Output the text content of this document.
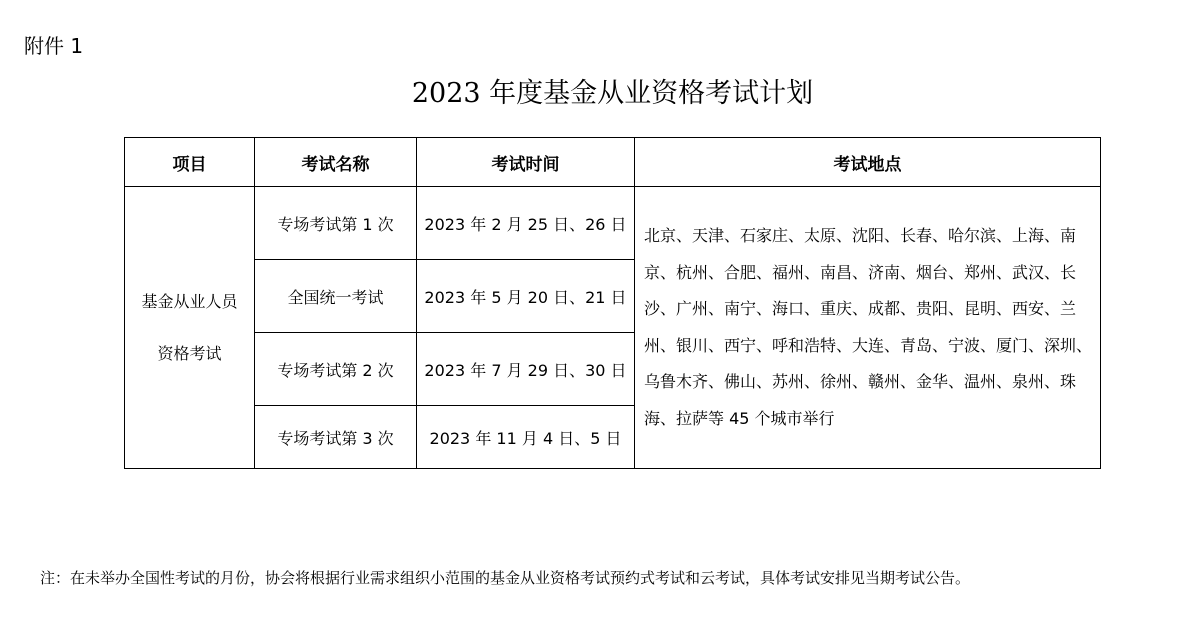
附件 1
2023 年度基金从业资格考试计划
项目	考试名称	考试时间	考试地点

基金从业人员
资格考试	专场考试第 1 次	2023 年 2 月 25 日、26 日	北京、天津、石家庄、太原、沈阳、长春、哈尔滨、上海、南京、杭州、合肥、福州、南昌、济南、烟台、郑州、武汉、长沙、广州、南宁、海口、重庆、成都、贵阳、昆明、西安、兰州、银川、西宁、呼和浩特、大连、青岛、宁波、厦门、深圳、乌鲁木齐、佛山、苏州、徐州、赣州、金华、温州、泉州、珠海、拉萨等 45 个城市举行
	全国统一考试	2023 年 5 月 20 日、21 日	
	专场考试第 2 次	2023 年 7 月 29 日、30 日	
	专场考试第 3 次	2023 年 11 月 4 日、5 日	
注：在未举办全国性考试的月份，协会将根据行业需求组织小范围的基金从业资格考试预约式考试和云考试，具体考试安排见当期考试公告。
